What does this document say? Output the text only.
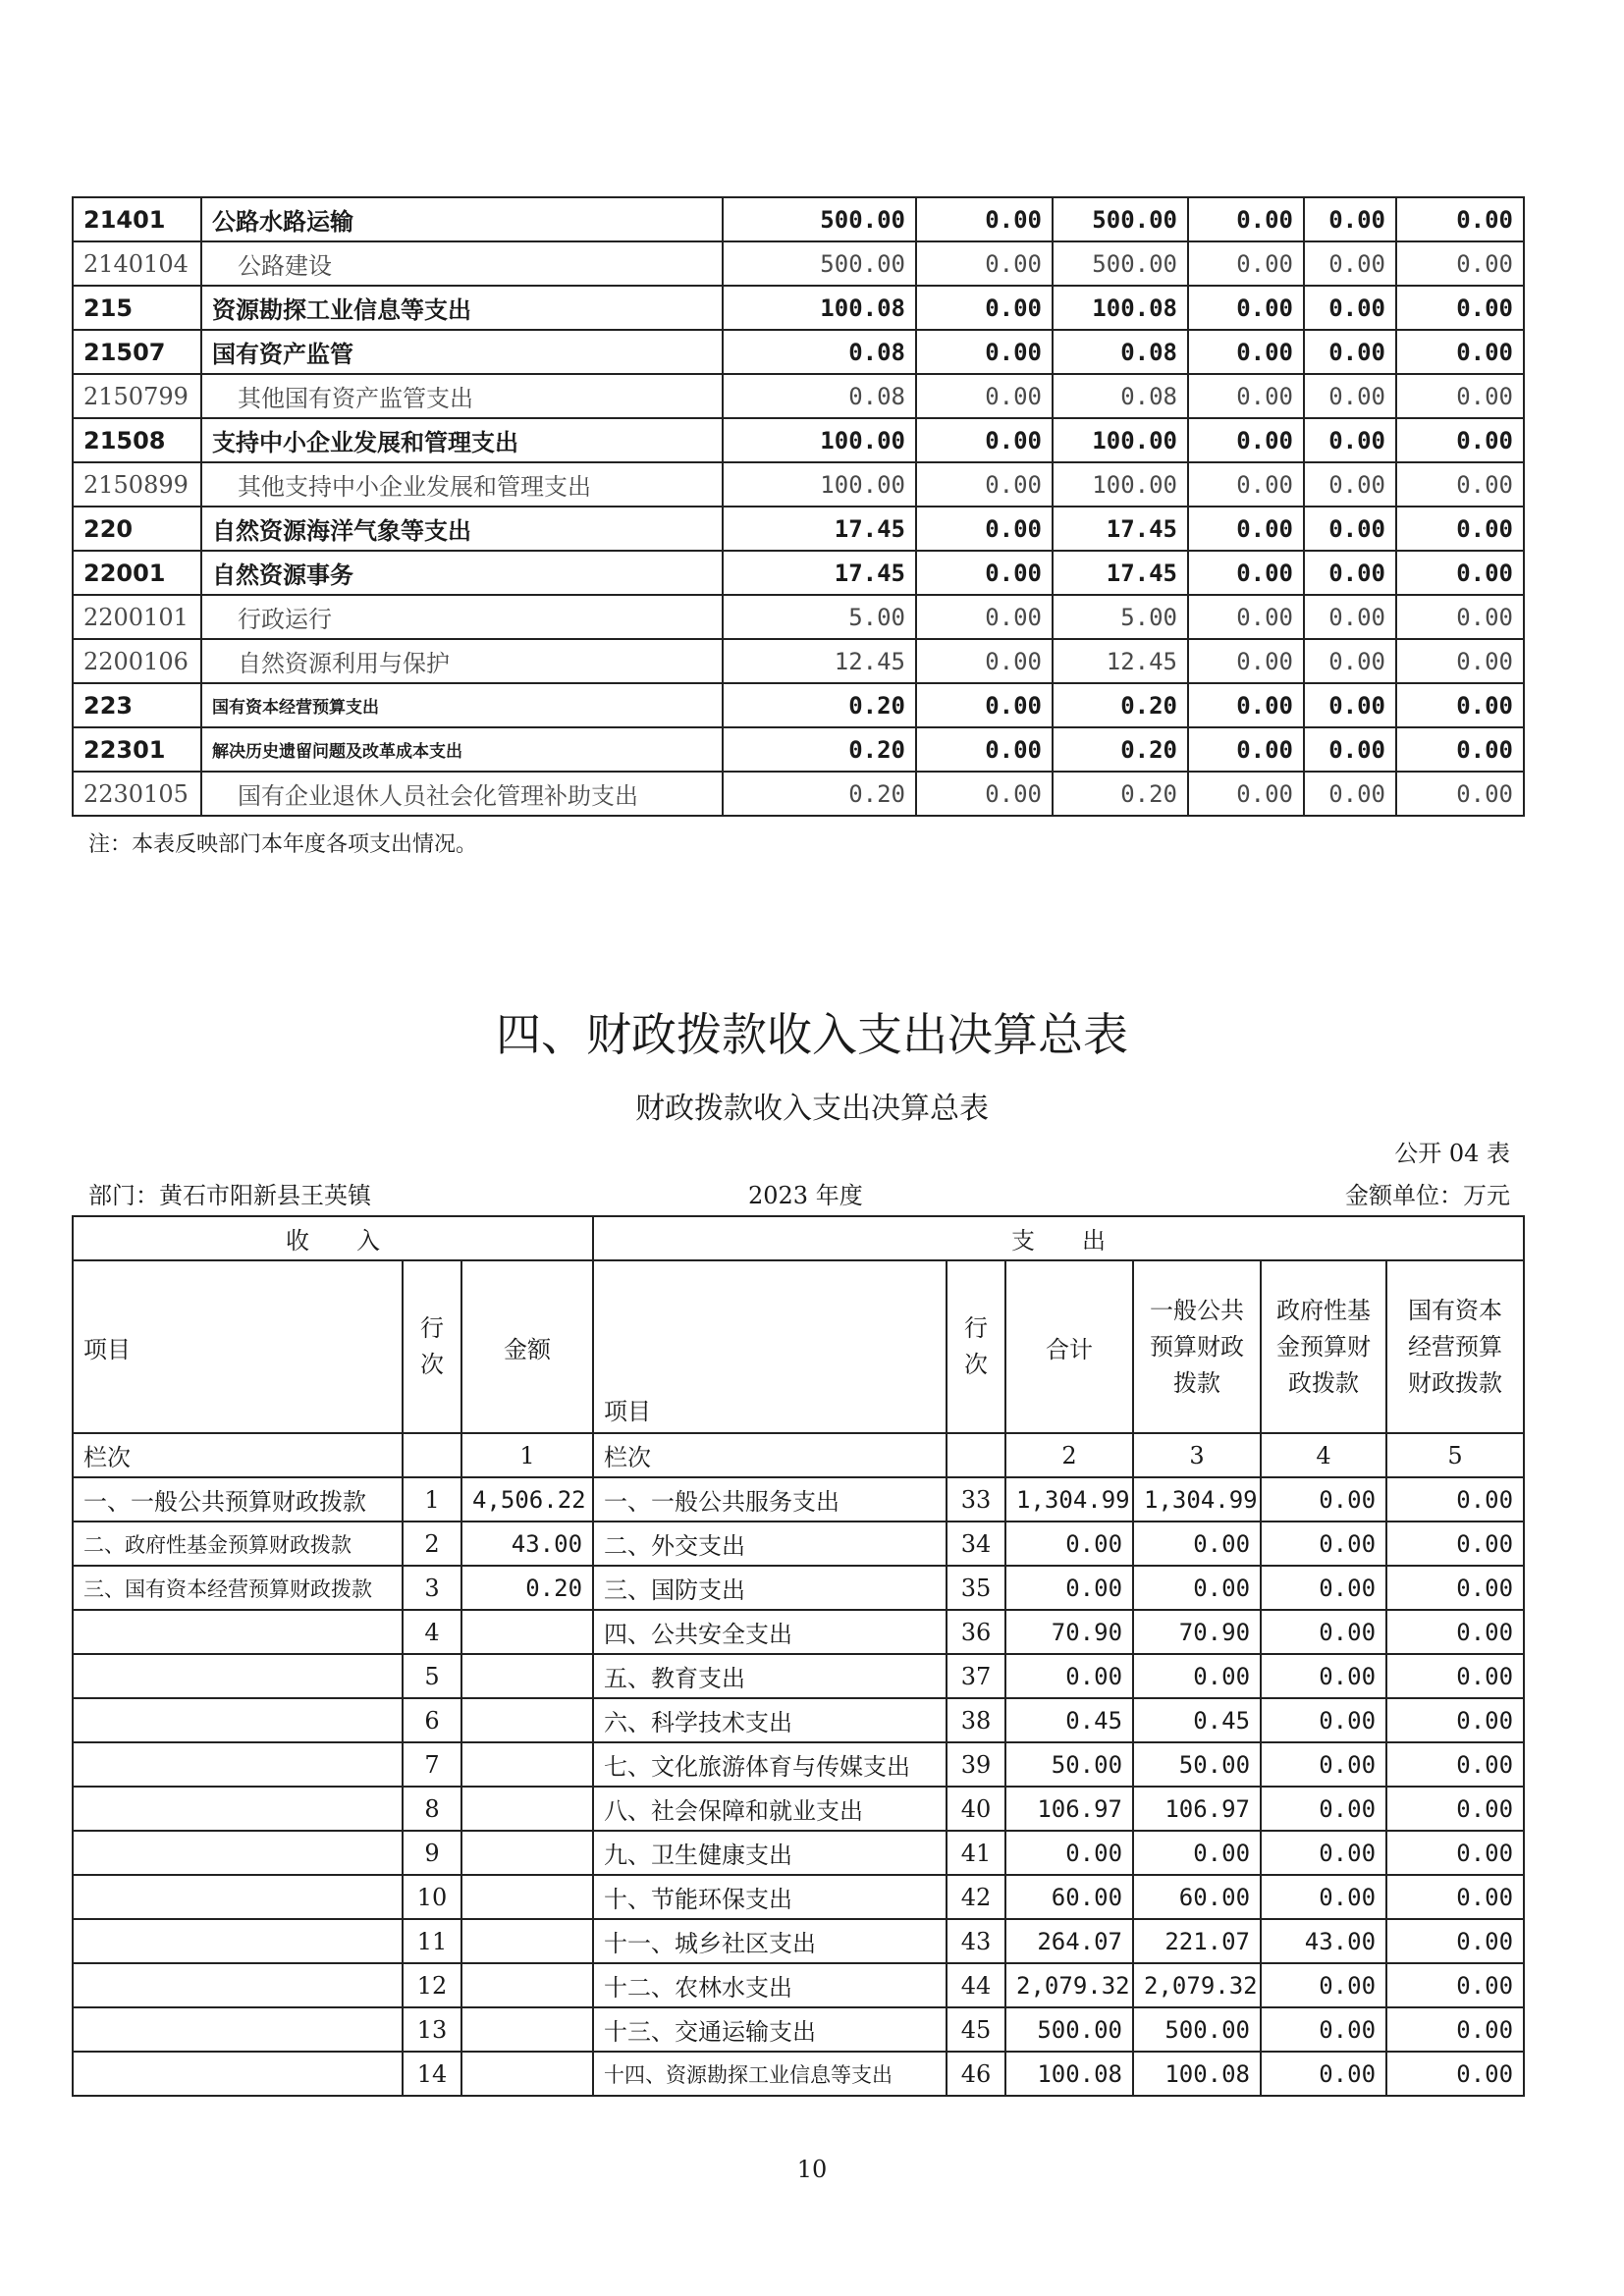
21401	公路水路运输	500.00	0.00	500.00	0.00	0.00	0.00
2140104	公路建设	500.00	0.00	500.00	0.00	0.00	0.00
215	资源勘探工业信息等支出	100.08	0.00	100.08	0.00	0.00	0.00
21507	国有资产监管	0.08	0.00	0.08	0.00	0.00	0.00
2150799	其他国有资产监管支出	0.08	0.00	0.08	0.00	0.00	0.00
21508	支持中小企业发展和管理支出	100.00	0.00	100.00	0.00	0.00	0.00
2150899	其他支持中小企业发展和管理支出	100.00	0.00	100.00	0.00	0.00	0.00
220	自然资源海洋气象等支出	17.45	0.00	17.45	0.00	0.00	0.00
22001	自然资源事务	17.45	0.00	17.45	0.00	0.00	0.00
2200101	行政运行	5.00	0.00	5.00	0.00	0.00	0.00
2200106	自然资源利用与保护	12.45	0.00	12.45	0.00	0.00	0.00
223	国有资本经营预算支出	0.20	0.00	0.20	0.00	0.00	0.00
22301	解决历史遗留问题及改革成本支出	0.20	0.00	0.20	0.00	0.00	0.00
2230105	国有企业退休人员社会化管理补助支出	0.20	0.00	0.20	0.00	0.00	0.00
注：本表反映部门本年度各项支出情况。
四、财政拨款收入支出决算总表
财政拨款收入支出决算总表
公开 04 表
部门：黄石市阳新县王英镇	2023 年度	金额单位：万元
收　　入			支　　出					
项目	行次	金额	项目	行次	合计	一般公共预算财政拨款	政府性基金预算财政拨款	国有资本经营预算财政拨款
栏次		1	栏次		2	3	4	5
一、一般公共预算财政拨款	1	4,506.22	一、一般公共服务支出	33	1,304.99	1,304.99	0.00	0.00
二、政府性基金预算财政拨款	2	43.00	二、外交支出	34	0.00	0.00	0.00	0.00
三、国有资本经营预算财政拨款	3	0.20	三、国防支出	35	0.00	0.00	0.00	0.00
	4		四、公共安全支出	36	70.90	70.90	0.00	0.00
	5		五、教育支出	37	0.00	0.00	0.00	0.00
	6		六、科学技术支出	38	0.45	0.45	0.00	0.00
	7		七、文化旅游体育与传媒支出	39	50.00	50.00	0.00	0.00
	8		八、社会保障和就业支出	40	106.97	106.97	0.00	0.00
	9		九、卫生健康支出	41	0.00	0.00	0.00	0.00
	10		十、节能环保支出	42	60.00	60.00	0.00	0.00
	11		十一、城乡社区支出	43	264.07	221.07	43.00	0.00
	12		十二、农林水支出	44	2,079.32	2,079.32	0.00	0.00
	13		十三、交通运输支出	45	500.00	500.00	0.00	0.00
	14		十四、资源勘探工业信息等支出	46	100.08	100.08	0.00	0.00
10
